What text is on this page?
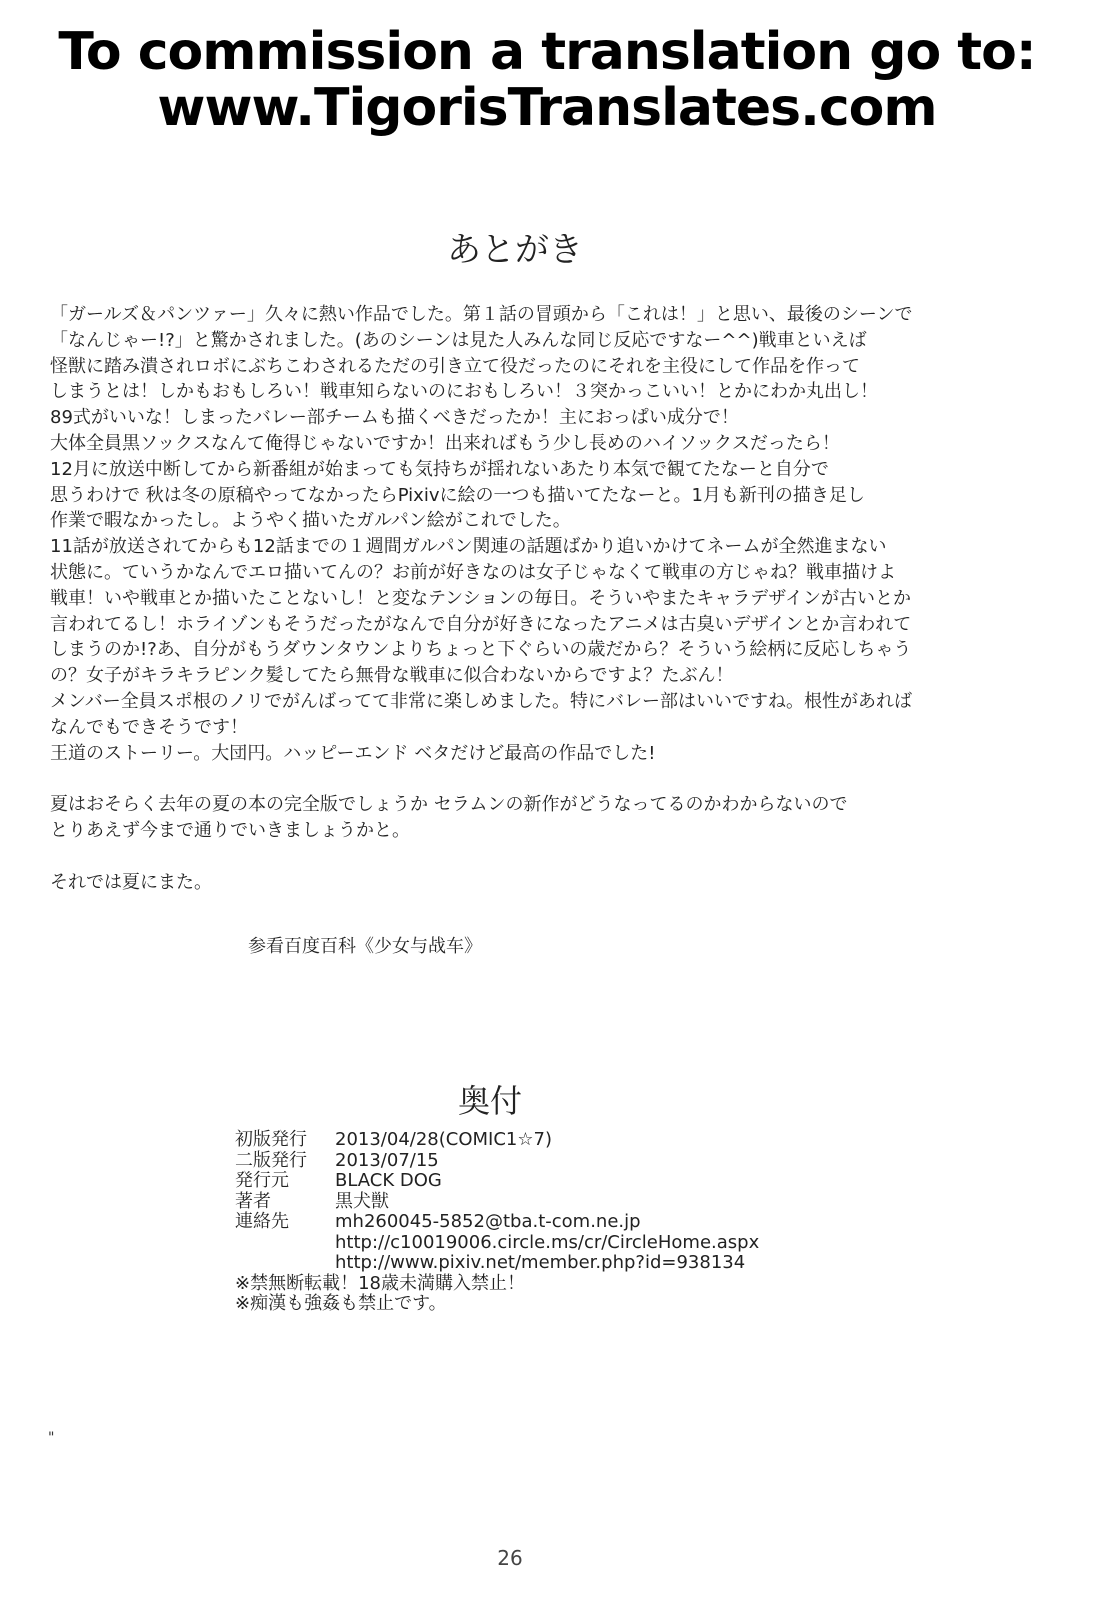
To commission a translation go to:
www.TigorisTranslates.com
あとがき
「ガールズ＆パンツァー」久々に熱い作品でした。第１話の冒頭から「これは！」と思い、最後のシーンで
「なんじゃー!?」と驚かされました。(あのシーンは見た人みんな同じ反応ですなー^^)戦車といえば
怪獣に踏み潰されロボにぶちこわされるただの引き立て役だったのにそれを主役にして作品を作って
しまうとは！しかもおもしろい！戦車知らないのにおもしろい！３突かっこいい！とかにわか丸出し！
89式がいいな！しまったバレー部チームも描くべきだったか！主におっぱい成分で！
大体全員黒ソックスなんて俺得じゃないですか！出来ればもう少し長めのハイソックスだったら！
12月に放送中断してから新番組が始まっても気持ちが揺れないあたり本気で観てたなーと自分で
思うわけで 秋は冬の原稿やってなかったらPixivに絵の一つも描いてたなーと。1月も新刊の描き足し
作業で暇なかったし。ようやく描いたガルパン絵がこれでした。
11話が放送されてからも12話までの１週間ガルパン関連の話題ばかり追いかけてネームが全然進まない
状態に。ていうかなんでエロ描いてんの？お前が好きなのは女子じゃなくて戦車の方じゃね？戦車描けよ
戦車！いや戦車とか描いたことないし！と変なテンションの毎日。そういやまたキャラデザインが古いとか
言われてるし！ホライゾンもそうだったがなんで自分が好きになったアニメは古臭いデザインとか言われて
しまうのか!?あ、自分がもうダウンタウンよりちょっと下ぐらいの歳だから？そういう絵柄に反応しちゃう
の？女子がキラキラピンク髪してたら無骨な戦車に似合わないからですよ？たぶん！
メンバー全員スポ根のノリでがんばってて非常に楽しめました。特にバレー部はいいですね。根性があれば
なんでもできそうです！
王道のストーリー。大団円。ハッピーエンド ベタだけど最高の作品でした!
夏はおそらく去年の夏の本の完全版でしょうか セラムンの新作がどうなってるのかわからないので
とりあえず今まで通りでいきましょうかと。
それでは夏にまた。
参看百度百科《少女与战车》
奥付
初版発行	2013/04/28(COMIC1☆7)
二版発行	2013/07/15
発行元	BLACK DOG
著者	黒犬獣
連絡先	mh260045-5852@tba.t-com.ne.jp
http://c10019006.circle.ms/cr/CircleHome.aspx
http://www.pixiv.net/member.php?id=938134
※禁無断転載！18歳未満購入禁止！
※痴漢も強姦も禁止です。
"
26
